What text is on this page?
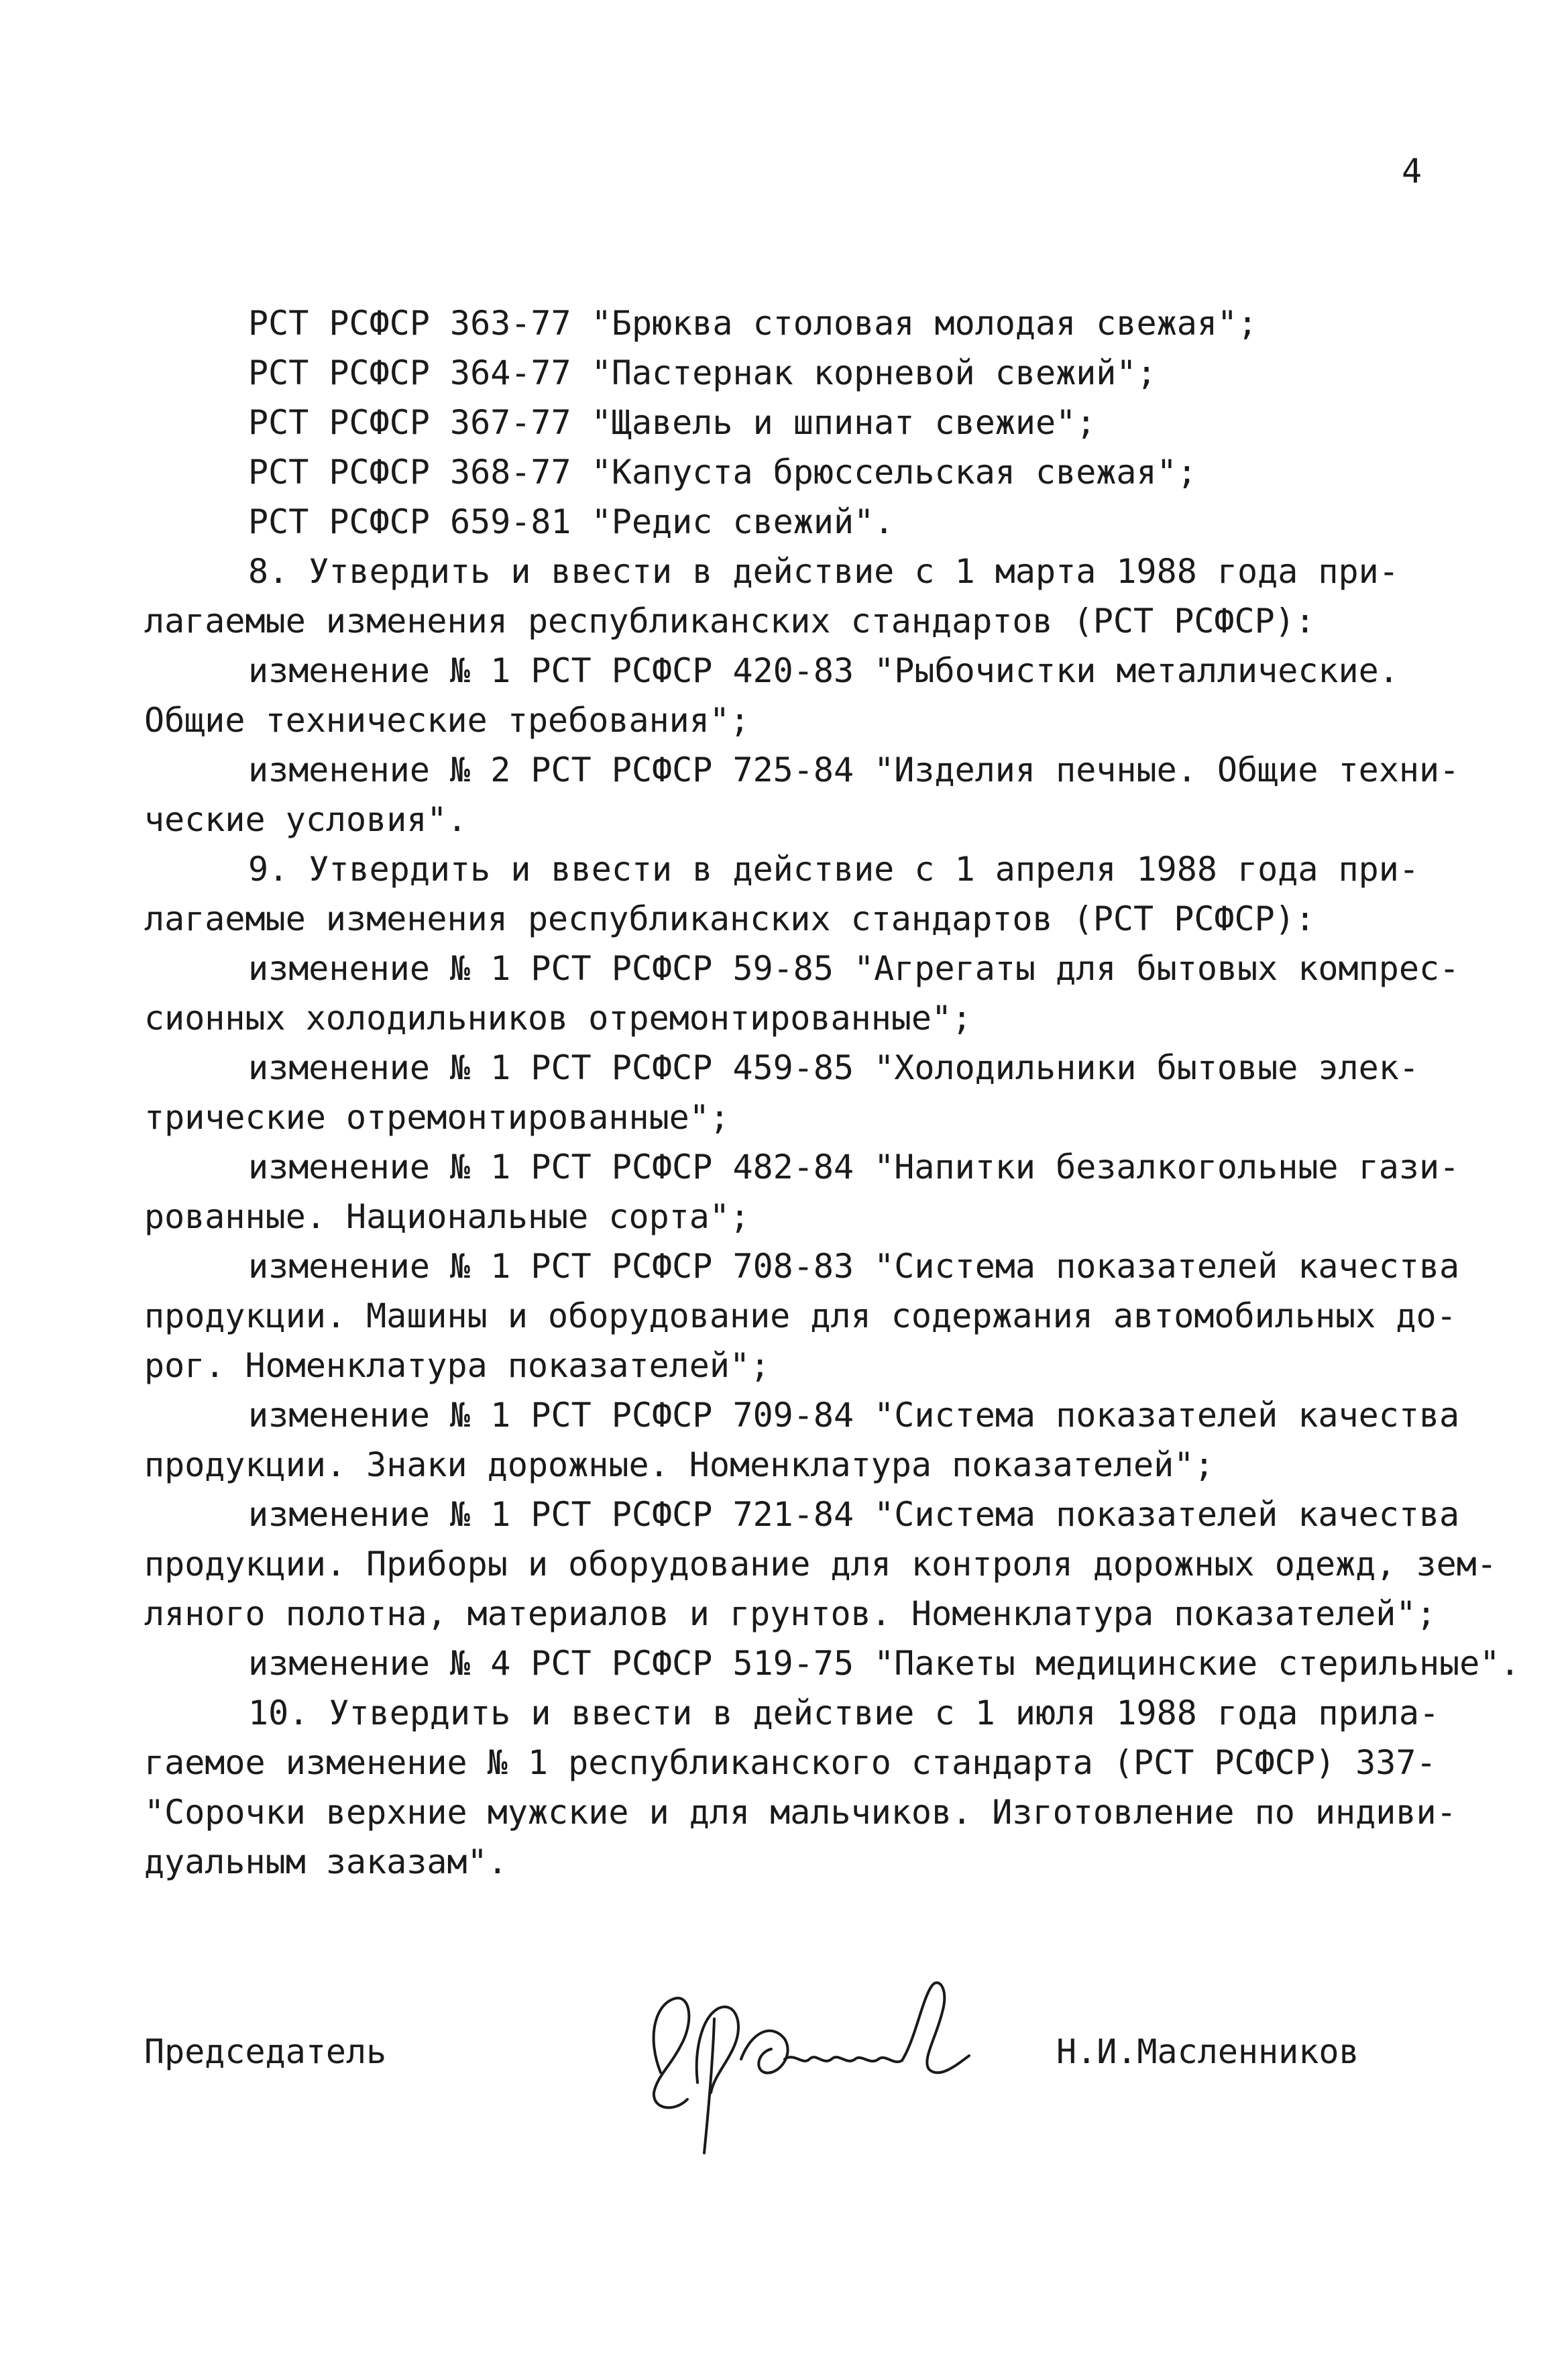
4
РСТ РСФСР 363-77 "Брюква столовая молодая свежая";
РСТ РСФСР 364-77 "Пастернак корневой свежий";
РСТ РСФСР 367-77 "Щавель и шпинат свежие";
РСТ РСФСР 368-77 "Капуста брюссельская свежая";
РСТ РСФСР 659-81 "Редис свежий".
8. Утвердить и ввести в действие с 1 марта 1988 года при-
лагаемые изменения республиканских стандартов (РСТ РСФСР):
изменение № 1 РСТ РСФСР 420-83 "Рыбочистки металлические.
Общие технические требования";
изменение № 2 РСТ РСФСР 725-84 "Изделия печные. Общие техни-
ческие условия".
9. Утвердить и ввести в действие с 1 апреля 1988 года при-
лагаемые изменения республиканских стандартов (РСТ РСФСР):
изменение № 1 РСТ РСФСР 59-85 "Агрегаты для бытовых компрес-
сионных холодильников отремонтированные";
изменение № 1 РСТ РСФСР 459-85 "Холодильники бытовые элек-
трические отремонтированные";
изменение № 1 РСТ РСФСР 482-84 "Напитки безалкогольные гази-
рованные. Национальные сорта";
изменение № 1 РСТ РСФСР 708-83 "Система показателей качества
продукции. Машины и оборудование для содержания автомобильных до-
рог. Номенклатура показателей";
изменение № 1 РСТ РСФСР 709-84 "Система показателей качества
продукции. Знаки дорожные. Номенклатура показателей";
изменение № 1 РСТ РСФСР 721-84 "Система показателей качества
продукции. Приборы и оборудование для контроля дорожных одежд, зем-
ляного полотна, материалов и грунтов. Номенклатура показателей";
изменение № 4 РСТ РСФСР 519-75 "Пакеты медицинские стерильные".
10. Утвердить и ввести в действие с 1 июля 1988 года прила-
гаемое изменение № 1 республиканского стандарта (РСТ РСФСР) 337-
"Сорочки верхние мужские и для мальчиков. Изготовление по индиви-
дуальным заказам".
Председатель	Н.И.Масленников
